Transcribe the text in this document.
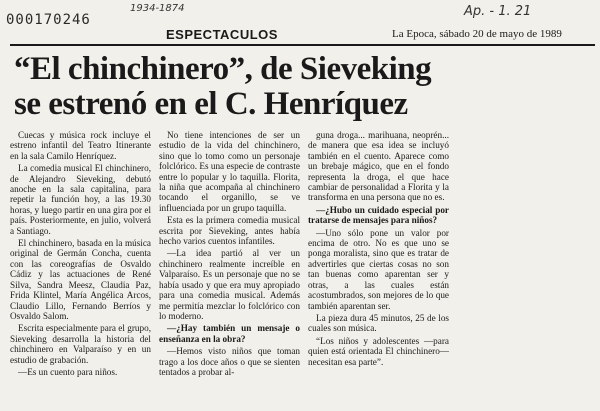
000170246
1934-1874	Ap. - 1. 21
ESPECTACULOS	La Epoca, sábado 20 de mayo de 1989
“El chinchinero”, de Sieveking
se estrenó en el C. Henríquez

Cuecas y música rock incluye el estreno infantil del Teatro Itinerante en la sala Camilo Henríquez.

La comedia musical El chinchinero, de Alejandro Sieveking, debutó anoche en la sala capitalina, para repetir la función hoy, a las 19.30 horas, y luego partir en una gira por el país. Posteriormente, en julio, volverá a Santiago.

El chinchinero, basada en la música original de Germán Concha, cuenta con las coreografías de Osvaldo Cádiz y las actuaciones de René Silva, Sandra Meesz, Claudia Paz, Frida Klintel, María Angélica Arcos, Claudio Lillo, Fernando Berríos y Osvaldo Salom.

Escrita especialmente para el grupo, Sieveking desarrolla la historia del chinchinero en Valparaíso y en un estudio de grabación.

—Es un cuento para niños.

No tiene intenciones de ser un estudio de la vida del chinchinero, sino que lo tomo como un personaje folclórico. Es una especie de contraste entre lo popular y lo taquilla. Florita, la niña que acompaña al chinchinero tocando el organillo, se ve influenciada por un grupo taquilla.

Esta es la primera comedia musical escrita por Sieveking, antes había hecho varios cuentos infantiles.

—La idea partió al ver un chinchinero realmente increíble en Valparaíso. Es un personaje que no se había usado y que era muy apropiado para una comedia musical. Además me permitía mezclar lo folclórico con lo moderno.

—¿Hay también un mensaje o enseñanza en la obra?

—Hemos visto niños que toman trago a los doce años o que se sienten tentados a probar al-

guna droga... marihuana, neoprén... de manera que esa idea se incluyó también en el cuento. Aparece como un brebaje mágico, que en el fondo representa la droga, el que hace cambiar de personalidad a Florita y la transforma en una persona que no es.

—¿Hubo un cuidado especial por tratarse de mensajes para niños?

—Uno sólo pone un valor por encima de otro. No es que uno se ponga moralista, sino que es tratar de advertirles que ciertas cosas no son tan buenas como aparentan ser y otras, a las cuales están acostumbrados, son mejores de lo que también aparentan ser.

La pieza dura 45 minutos, 25 de los cuales son música.

“Los niños y adolescentes —para quien está orientada El chinchinero— necesitan esa parte”.
